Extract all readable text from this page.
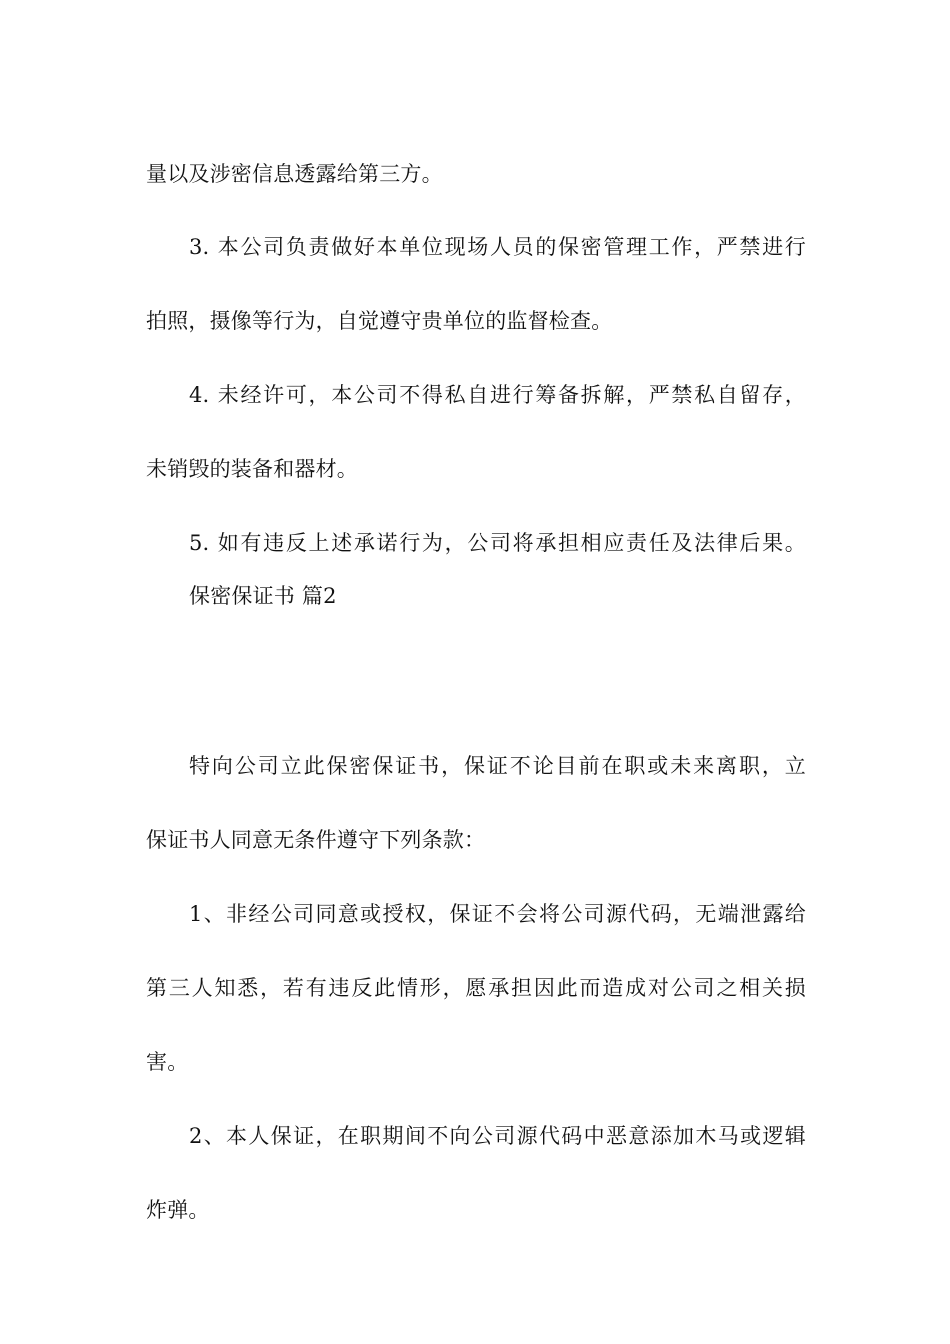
量以及涉密信息透露给第三方。

3. 本公司负责做好本单位现场人员的保密管理工作，严禁进行

拍照，摄像等行为，自觉遵守贵单位的监督检查。

4. 未经许可，本公司不得私自进行筹备拆解，严禁私自留存，

未销毁的装备和器材。

5. 如有违反上述承诺行为，公司将承担相应责任及法律后果。

保密保证书 篇2

特向公司立此保密保证书，保证不论目前在职或未来离职，立

保证书人同意无条件遵守下列条款：

1、非经公司同意或授权，保证不会将公司源代码，无端泄露给

第三人知悉，若有违反此情形，愿承担因此而造成对公司之相关损

害。

2、本人保证，在职期间不向公司源代码中恶意添加木马或逻辑

炸弹。
